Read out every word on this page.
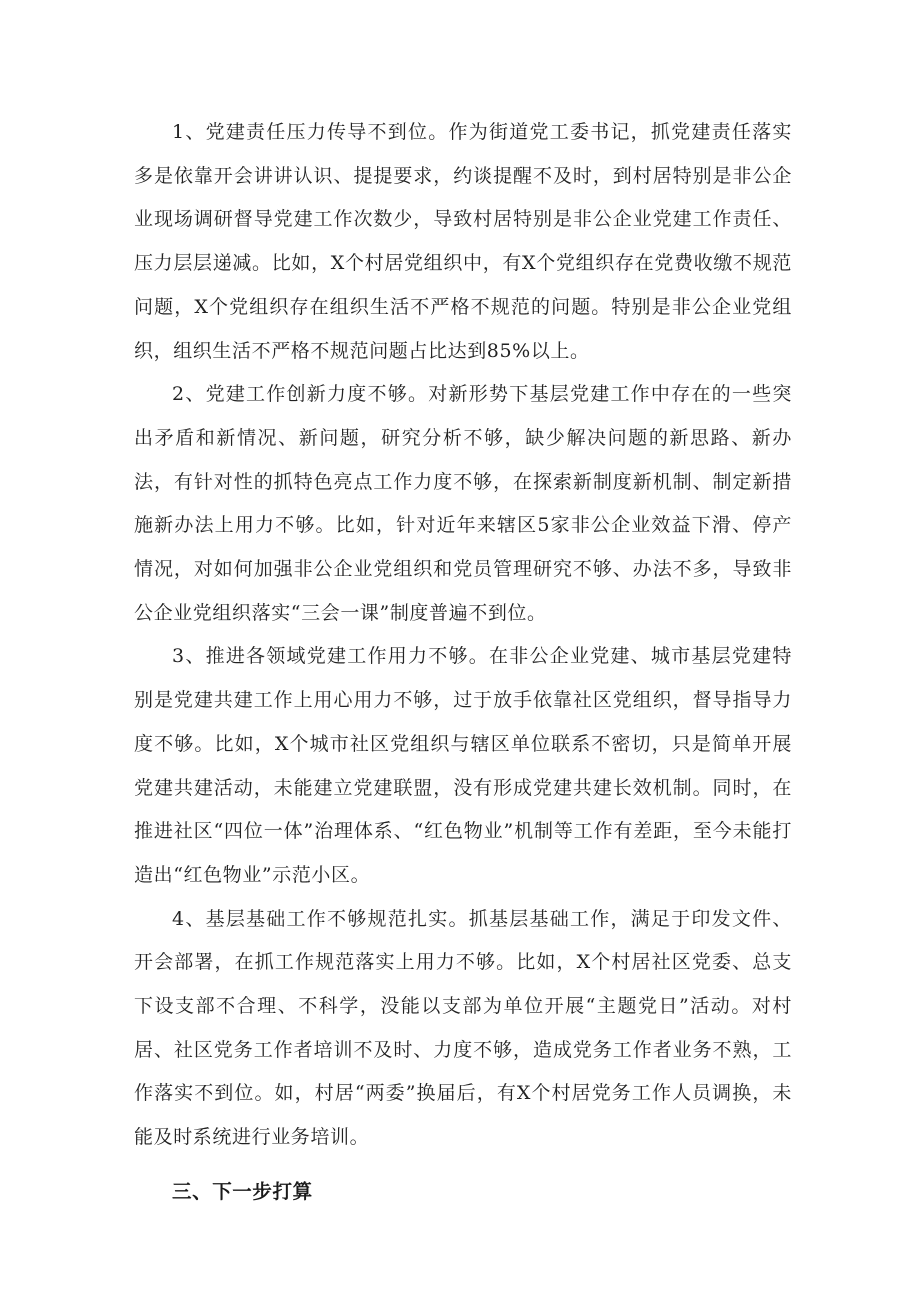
1、党建责任压力传导不到位。作为街道党工委书记，抓党建责任落实多是依靠开会讲讲认识、提提要求，约谈提醒不及时，到村居特别是非公企业现场调研督导党建工作次数少，导致村居特别是非公企业党建工作责任、压力层层递减。比如，X个村居党组织中，有X个党组织存在党费收缴不规范问题，X个党组织存在组织生活不严格不规范的问题。特别是非公企业党组织，组织生活不严格不规范问题占比达到85%以上。

2、党建工作创新力度不够。对新形势下基层党建工作中存在的一些突出矛盾和新情况、新问题，研究分析不够，缺少解决问题的新思路、新办法，有针对性的抓特色亮点工作力度不够，在探索新制度新机制、制定新措施新办法上用力不够。比如，针对近年来辖区5家非公企业效益下滑、停产情况，对如何加强非公企业党组织和党员管理研究不够、办法不多，导致非公企业党组织落实“三会一课”制度普遍不到位。

3、推进各领域党建工作用力不够。在非公企业党建、城市基层党建特别是党建共建工作上用心用力不够，过于放手依靠社区党组织，督导指导力度不够。比如，X个城市社区党组织与辖区单位联系不密切，只是简单开展党建共建活动，未能建立党建联盟，没有形成党建共建长效机制。同时，在推进社区“四位一体”治理体系、“红色物业”机制等工作有差距，至今未能打造出“红色物业”示范小区。

4、基层基础工作不够规范扎实。抓基层基础工作，满足于印发文件、开会部署，在抓工作规范落实上用力不够。比如，X个村居社区党委、总支下设支部不合理、不科学，没能以支部为单位开展“主题党日”活动。对村居、社区党务工作者培训不及时、力度不够，造成党务工作者业务不熟，工作落实不到位。如，村居“两委”换届后，有X个村居党务工作人员调换，未能及时系统进行业务培训。

三、下一步打算
